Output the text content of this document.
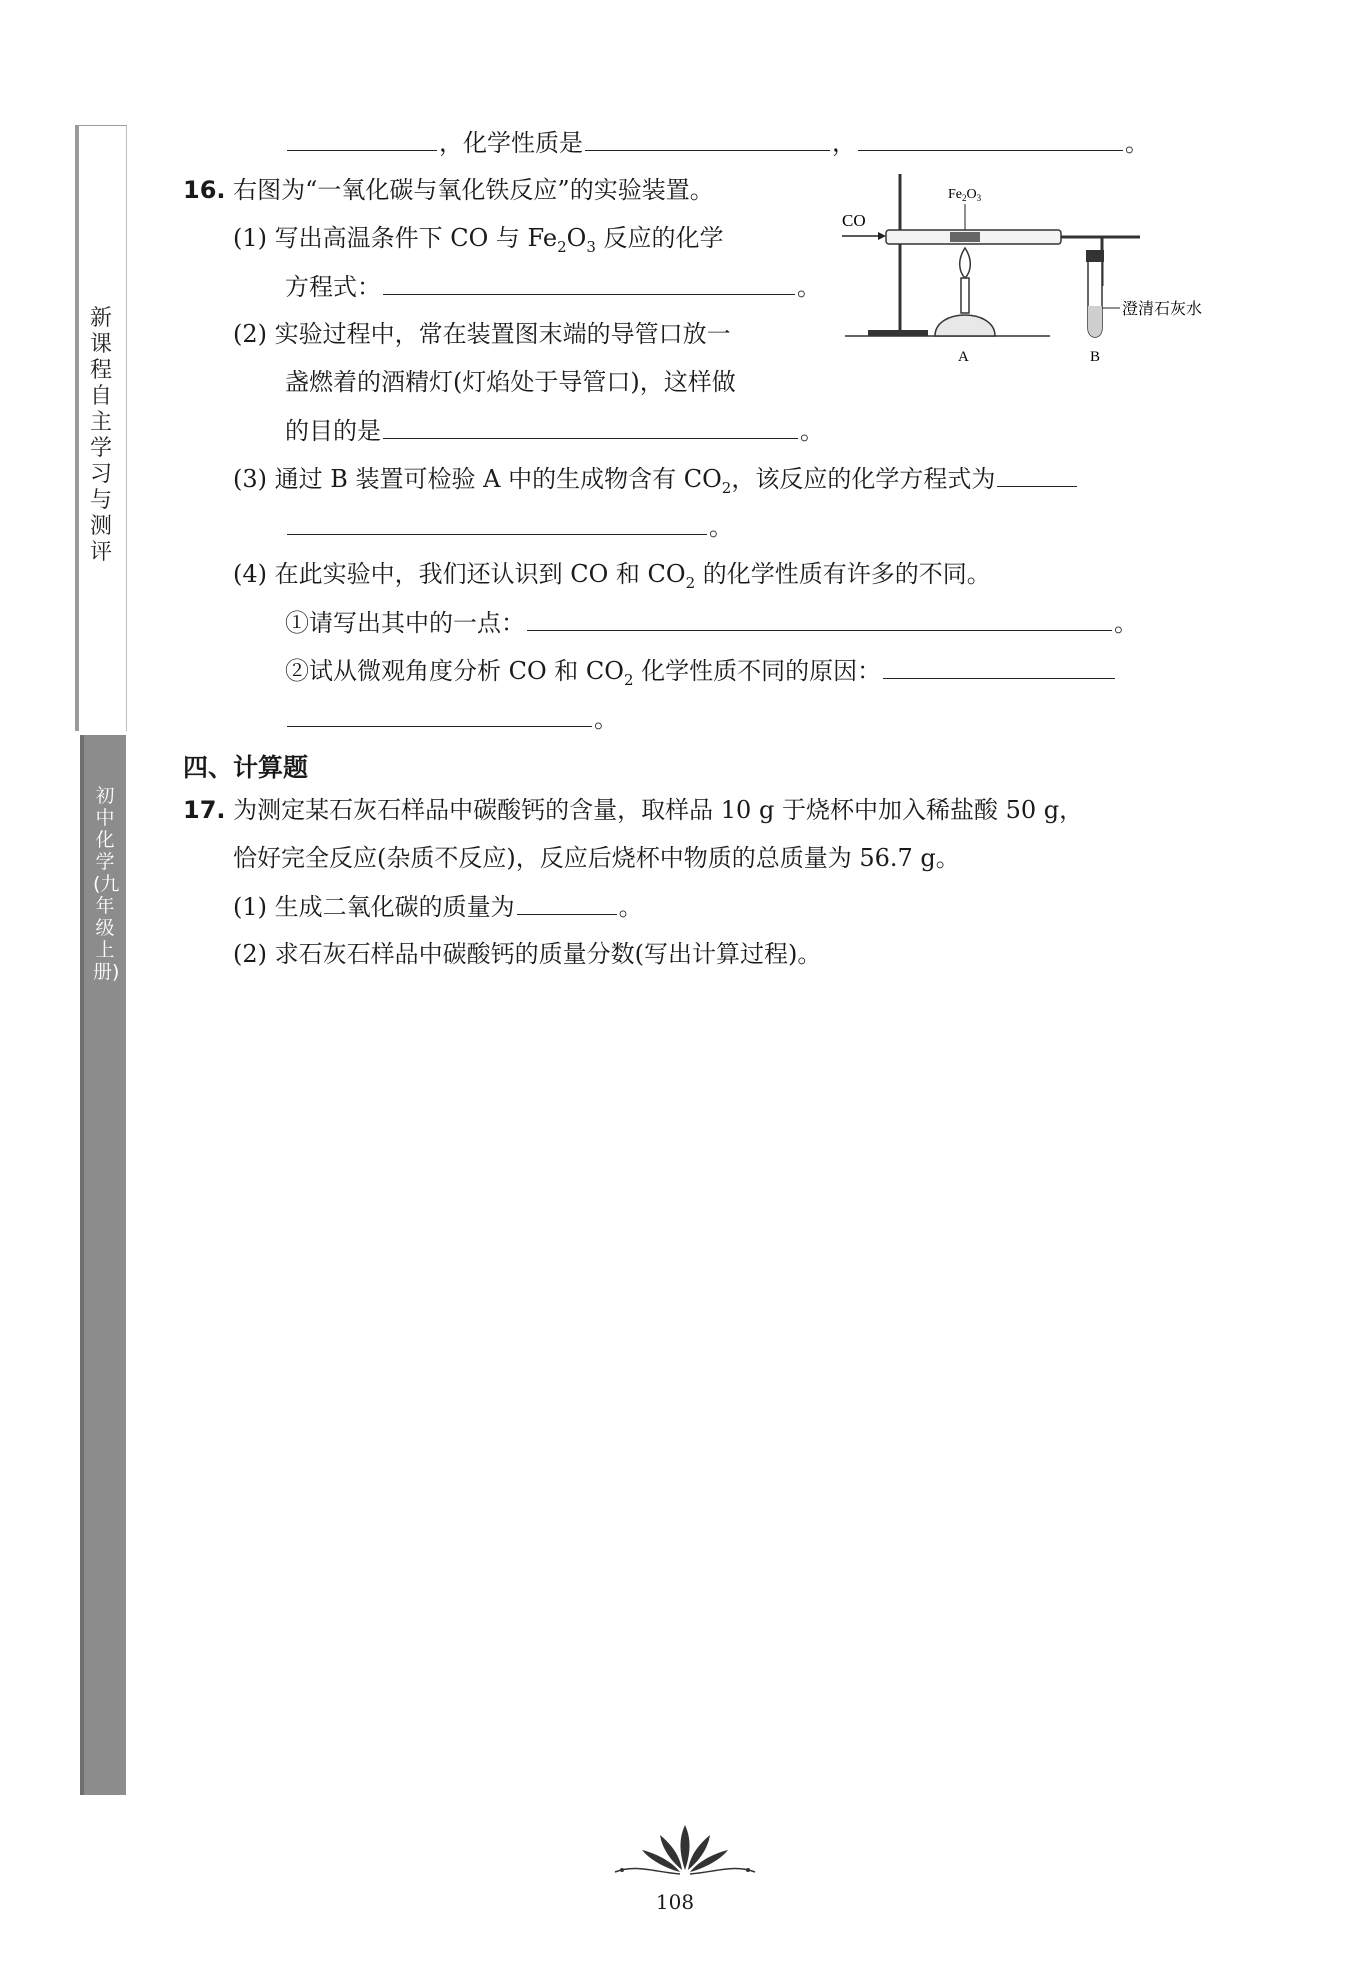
新课程自主学习与测评
初中化学(九年级上册)
，化学性质是	，	。
16. 右图为“一氧化碳与氧化铁反应”的实验装置。
(1) 写出高温条件下 CO 与 $Fe_2O_3$ 反应的化学
方程式：	。
(2) 实验过程中，常在装置图末端的导管口放一
盏燃着的酒精灯(灯焰处于导管口)，这样做
的目的是	。
(3) 通过 B 装置可检验 A 中的生成物含有 $CO_2$，该反应的化学方程式为
。
(4) 在此实验中，我们还认识到 CO 和 $CO_2$ 的化学性质有许多的不同。
①请写出其中的一点：	。
②试从微观角度分析 CO 和 $CO_2$ 化学性质不同的原因：
。
CO
$Fe_2O_3$
澄清石灰水
A	B
四、计算题
17. 为测定某石灰石样品中碳酸钙的含量，取样品 10 g 于烧杯中加入稀盐酸 50 g，
恰好完全反应(杂质不反应)，反应后烧杯中物质的总质量为 56.7 g。
(1) 生成二氧化碳的质量为	。
(2) 求石灰石样品中碳酸钙的质量分数(写出计算过程)。
108
